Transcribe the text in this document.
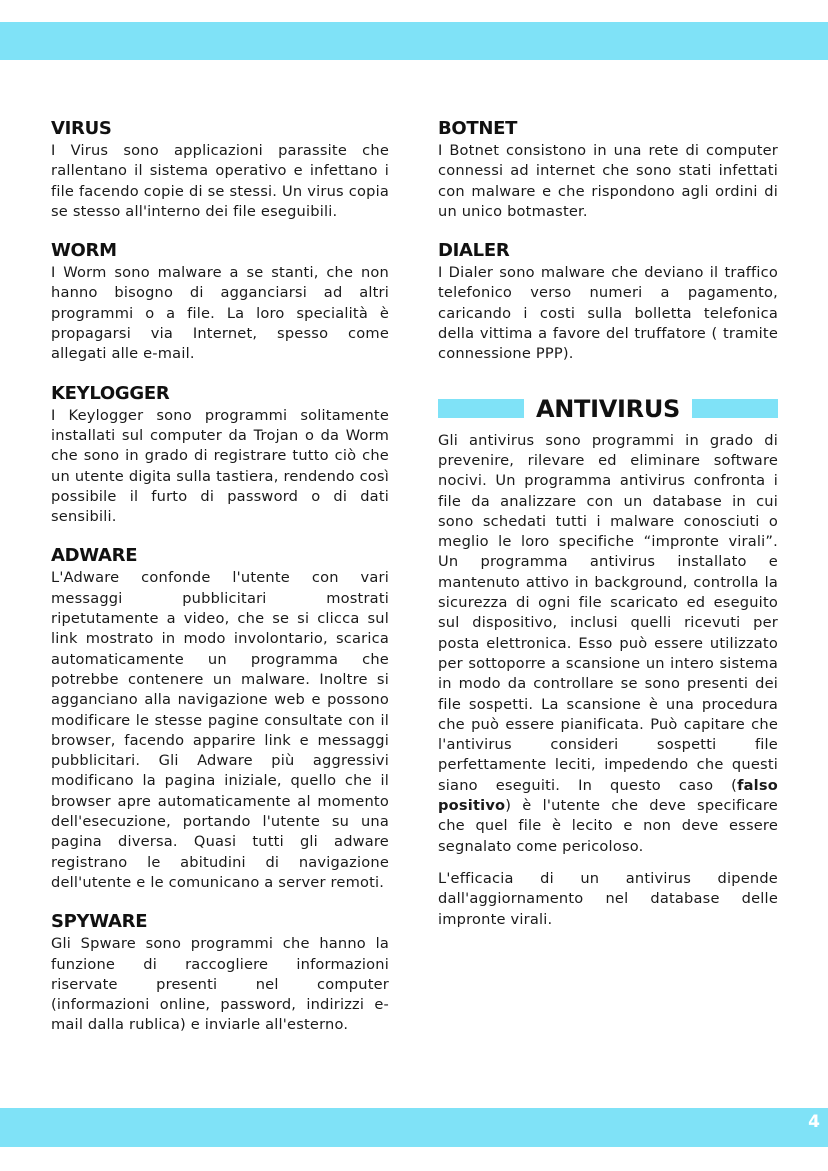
VIRUS

I Virus sono applicazioni parassite che rallentano il sistema operativo e infettano i file facendo copie di se stessi. Un virus copia se stesso all'interno dei file eseguibili.

WORM

I Worm sono malware a se stanti, che non hanno bisogno di agganciarsi ad altri programmi o a file. La loro specialità è propagarsi via Internet, spesso come allegati alle e-mail.

KEYLOGGER

I Keylogger sono programmi solitamente installati sul computer da Trojan o da Worm che sono in grado di registrare tutto ciò che un utente digita sulla tastiera, rendendo così possibile il furto di password o di dati sensibili.

ADWARE

L'Adware confonde l'utente con vari messaggi pubblicitari mostrati ripetutamente a video, che se si clicca sul link mostrato in modo involontario, scarica automaticamente un programma che potrebbe contenere un malware. Inoltre si agganciano alla navigazione web e possono modificare le stesse pagine consultate con il browser, facendo apparire link e messaggi pubblicitari. Gli Adware più aggressivi modificano la pagina iniziale, quello che il browser apre automaticamente al momento dell'esecuzione, portando l'utente su una pagina diversa. Quasi tutti gli adware registrano le abitudini di navigazione dell'utente e le comunicano a server remoti.

SPYWARE

Gli Spware sono programmi che hanno la funzione di raccogliere informazioni riservate presenti nel computer (informazioni online, password, indirizzi e-mail dalla rublica) e inviarle all'esterno.

BOTNET

I Botnet consistono in una rete di computer connessi ad internet che sono stati infettati con malware e che rispondono agli ordini di un unico botmaster.

DIALER

I Dialer sono malware che deviano il traffico telefonico verso numeri a pagamento, caricando i costi sulla bolletta telefonica della vittima a favore del truffatore ( tramite connessione PPP).

ANTIVIRUS

Gli antivirus sono programmi in grado di prevenire, rilevare ed eliminare software nocivi. Un programma antivirus confronta i file da analizzare con un database in cui sono schedati tutti i malware conosciuti o meglio le loro specifiche “impronte virali”. Un programma antivirus installato e mantenuto attivo in background, controlla la sicurezza di ogni file scaricato ed eseguito sul dispositivo, inclusi quelli ricevuti per posta elettronica. Esso può essere utilizzato per sottoporre a scansione un intero sistema in modo da controllare se sono presenti dei file sospetti. La scansione è una procedura che può essere pianificata. Può capitare che l'antivirus consideri sospetti file perfettamente leciti, impedendo che questi siano eseguiti. In questo caso (falso positivo) è l'utente che deve specificare che quel file è lecito e non deve essere segnalato come pericoloso.

L'efficacia di un antivirus dipende dall'aggiornamento nel database delle impronte virali.

4
